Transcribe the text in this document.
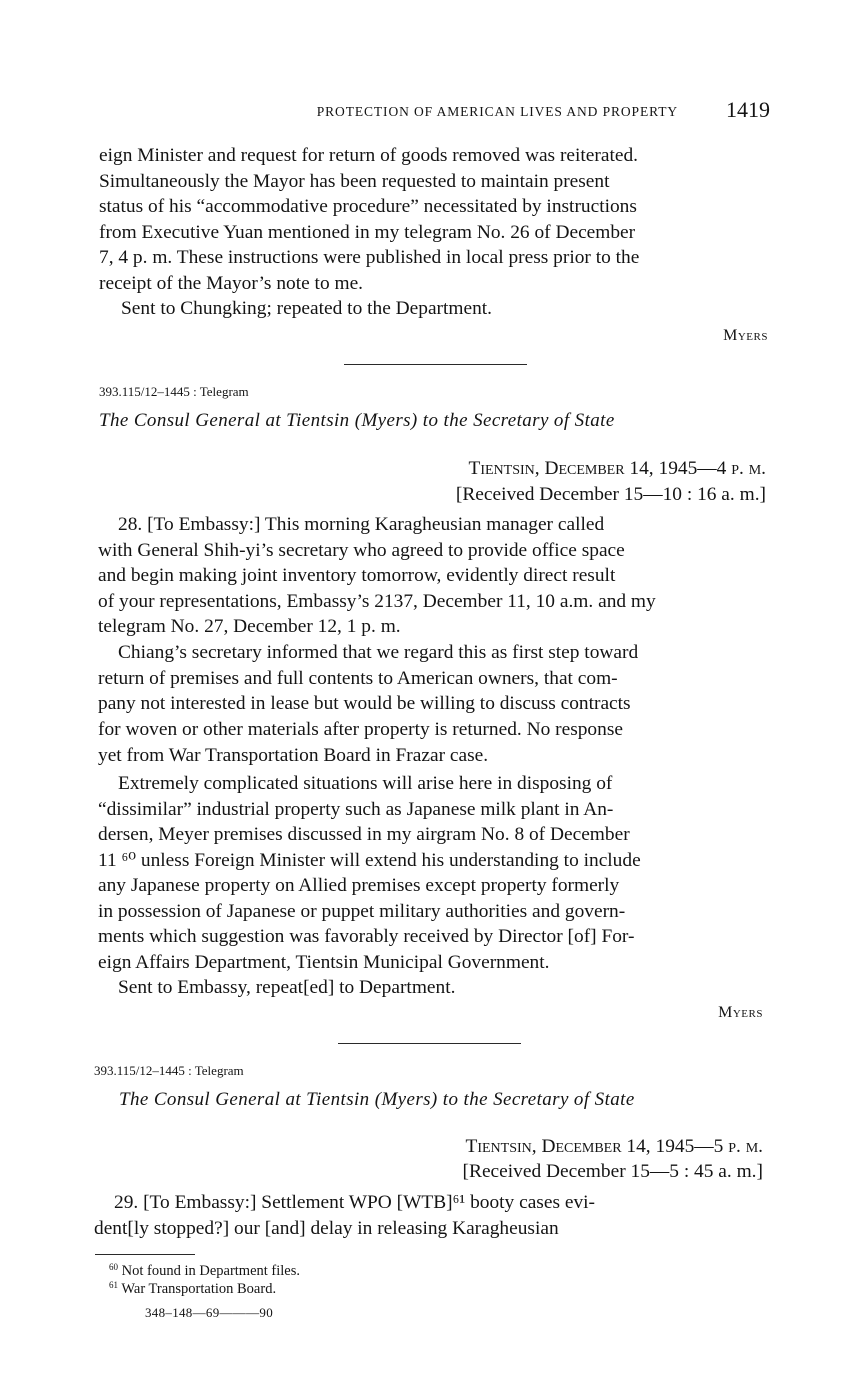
PROTECTION OF AMERICAN LIVES AND PROPERTY 1419
eign Minister and request for return of goods removed was reiterated.
Simultaneously the Mayor has been requested to maintain present
status of his “accommodative procedure” necessitated by instructions
from Executive Yuan mentioned in my telegram No. 26 of December
7, 4 p. m. These instructions were published in local press prior to the
receipt of the Mayor’s note to me.
Sent to Chungking; repeated to the Department.
Myers
393.115/12–1445 : Telegram
The Consul General at Tientsin (Myers) to the Secretary of State
Tientsin, December 14, 1945—4 p. m.
[Received December 15—10 : 16 a. m.]
28. [To Embassy:] This morning Karagheusian manager called
with General Shih-yi’s secretary who agreed to provide office space
and begin making joint inventory tomorrow, evidently direct result
of your representations, Embassy’s 2137, December 11, 10 a.m. and my
telegram No. 27, December 12, 1 p. m.
Chiang’s secretary informed that we regard this as first step toward
return of premises and full contents to American owners, that com-
pany not interested in lease but would be willing to discuss contracts
for woven or other materials after property is returned. No response
yet from War Transportation Board in Frazar case.
Extremely complicated situations will arise here in disposing of
“dissimilar” industrial property such as Japanese milk plant in An-
dersen, Meyer premises discussed in my airgram No. 8 of December
11 ⁶⁰ unless Foreign Minister will extend his understanding to include
any Japanese property on Allied premises except property formerly
in possession of Japanese or puppet military authorities and govern-
ments which suggestion was favorably received by Director [of] For-
eign Affairs Department, Tientsin Municipal Government.
Sent to Embassy, repeat[ed] to Department.
Myers
393.115/12–1445 : Telegram
The Consul General at Tientsin (Myers) to the Secretary of State
Tientsin, December 14, 1945—5 p. m.
[Received December 15—5 : 45 a. m.]
29. [To Embassy:] Settlement WPO [WTB]⁶¹ booty cases evi-
dent[ly stopped?] our [and] delay in releasing Karagheusian
$^{60}$ Not found in Department files.
$^{61}$ War Transportation Board.
348–148—69———90
